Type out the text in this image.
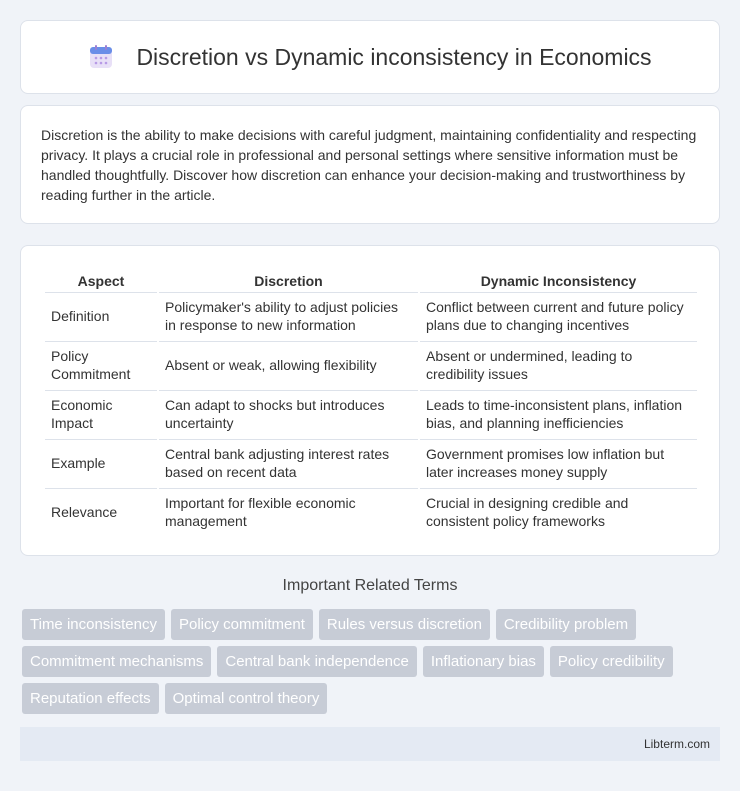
Discretion vs Dynamic inconsistency in Economics

Discretion is the ability to make decisions with careful judgment, maintaining confidentiality and respecting privacy. It plays a crucial role in professional and personal settings where sensitive information must be handled thoughtfully. Discover how discretion can enhance your decision-making and trustworthiness by reading further in the article.

Aspect	Discretion	Dynamic Inconsistency
Definition	Policymaker's ability to adjust policies in response to new information	Conflict between current and future policy plans due to changing incentives
Policy Commitment	Absent or weak, allowing flexibility	Absent or undermined, leading to credibility issues
Economic Impact	Can adapt to shocks but introduces uncertainty	Leads to time-inconsistent plans, inflation bias, and planning inefficiencies
Example	Central bank adjusting interest rates based on recent data	Government promises low inflation but later increases money supply
Relevance	Important for flexible economic management	Crucial in designing credible and consistent policy frameworks
Important Related Terms
Time inconsistency	Policy commitment	Rules versus discretion	Credibility problem
Commitment mechanisms	Central bank independence	Inflationary bias	Policy credibility
Reputation effects	Optimal control theory
Libterm.com
